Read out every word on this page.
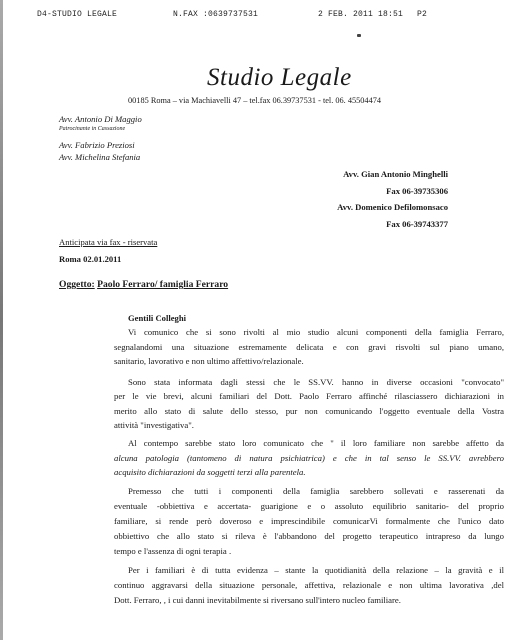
D4-STUDIO LEGALE	N.FAX :0639737531	2 FEB. 2011 18:51 P2
Studio Legale
00185 Roma – via Machiavelli 47 – tel.fax 06.39737531 - tel. 06. 45504474
Avv. Antonio Di Maggio
Patrocinante in Cassazione
Avv. Fabrizio Preziosi
Avv. Michelina Stefania
Avv. Gian Antonio Minghelli
Fax 06-39735306
Avv. Domenico Defilomonsaco
Fax 06-39743377
Anticipata via fax - riservata
Roma 02.01.2011
Oggetto: Paolo Ferraro/ famiglia Ferraro
Gentili Colleghi
Vi comunico che si sono rivolti al mio studio alcuni componenti della famiglia Ferraro,
segnalandomi una situazione estremamente delicata e con gravi risvolti sul piano umano,
sanitario, lavorativo e non ultimo affettivo/relazionale.
Sono stata informata dagli stessi che le SS.VV. hanno in diverse occasioni "convocato"
per le vie brevi, alcuni familiari del Dott. Paolo Ferraro affinché rilasciassero dichiarazioni in
merito allo stato di salute dello stesso, pur non comunicando l'oggetto eventuale della Vostra
attività "investigativa".
Al contempo sarebbe stato loro comunicato che " il loro familiare non sarebbe affetto da
alcuna patologia (tantomeno di natura psichiatrica) e che in tal senso le SS.VV. avrebbero
acquisito dichiarazioni da soggetti terzi alla parentela.
Premesso che tutti i componenti della famiglia sarebbero sollevati e rasserenati da
eventuale -obbiettiva e accertata- guarigione e o assoluto equilibrio sanitario- del proprio
familiare, si rende però doveroso e imprescindibile comunicarVi formalmente che l'unico dato
obbiettivo che allo stato si rileva è l'abbandono del progetto terapeutico intrapreso da lungo
tempo e l'assenza di ogni terapia .
Per i familiari è di tutta evidenza – stante la quotidianità della relazione – la gravità e il
continuo aggravarsi della situazione personale, affettiva, relazionale e non ultima lavorativa ,del
Dott. Ferraro, , i cui danni inevitabilmente si riversano sull'intero nucleo familiare.
